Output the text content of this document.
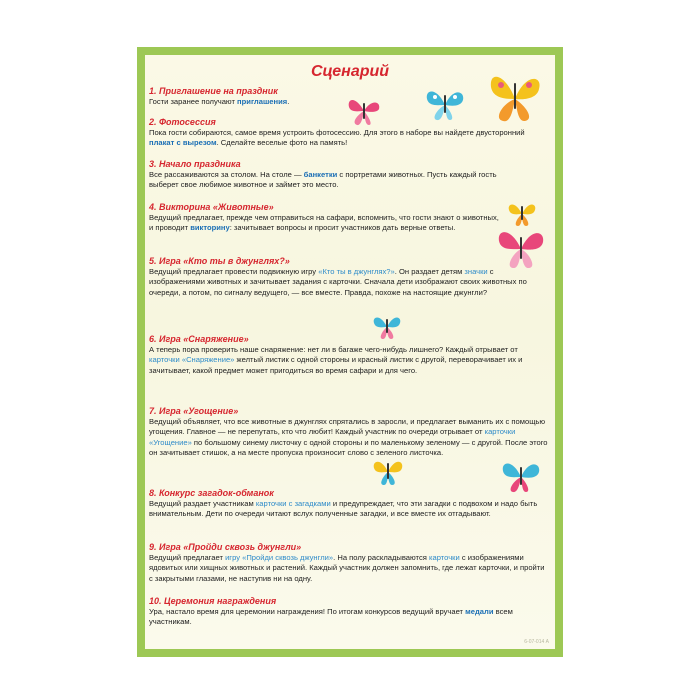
Сценарий

1. Приглашение на праздник

Гости заранее получают приглашения.

2. Фотосессия

Пока гости собираются, самое время устроить фотосессию. Для этого в наборе вы найдете двусторонний плакат с вырезом. Сделайте веселые фото на память!

3. Начало праздника

Все рассаживаются за столом. На столе — банкетки с портретами животных. Пусть каждый гость выберет свое любимое животное и займет это место.

4. Викторина «Животные»

Ведущий предлагает, прежде чем отправиться на сафари, вспомнить, что гости знают о животных, и проводит викторину: зачитывает вопросы и просит участников дать верные ответы.

5. Игра «Кто ты в джунглях?»

Ведущий предлагает провести подвижную игру «Кто ты в джунглях?». Он раздает детям значки с изображениями животных и зачитывает задания с карточки. Сначала дети изображают своих животных по очереди, а потом, по сигналу ведущего, — все вместе. Правда, похоже на настоящие джунгли?

6. Игра «Снаряжение»

А теперь пора проверить наше снаряжение: нет ли в багаже чего-нибудь лишнего? Каждый отрывает от карточки «Снаряжение» желтый листик с одной стороны и красный листик с другой, переворачивает их и зачитывает, какой предмет может пригодиться во время сафари и для чего.

7. Игра «Угощение»

Ведущий объявляет, что все животные в джунглях спрятались в заросли, и предлагает выманить их с помощью угощения. Главное — не перепутать, кто что любит! Каждый участник по очереди отрывает от карточки «Угощение» по большому синему листочку с одной стороны и по маленькому зеленому — с другой. После этого он зачитывает стишок, а на месте пропуска произносит слово с зеленого листочка.

8. Конкурс загадок-обманок

Ведущий раздает участникам карточки с загадками и предупреждает, что эти загадки с подвохом и надо быть внимательным. Дети по очереди читают вслух полученные загадки, и все вместе их отгадывают.

9. Игра «Пройди сквозь джунгли»

Ведущий предлагает игру «Пройди сквозь джунгли». На полу раскладываются карточки с изображениями ядовитых или хищных животных и растений. Каждый участник должен запомнить, где лежат карточки, и пройти с закрытыми глазами, не наступив ни на одну.

10. Церемония награждения

Ура, настало время для церемонии награждения! По итогам конкурсов ведущий вручает медали всем участникам.

6-07-014 А
